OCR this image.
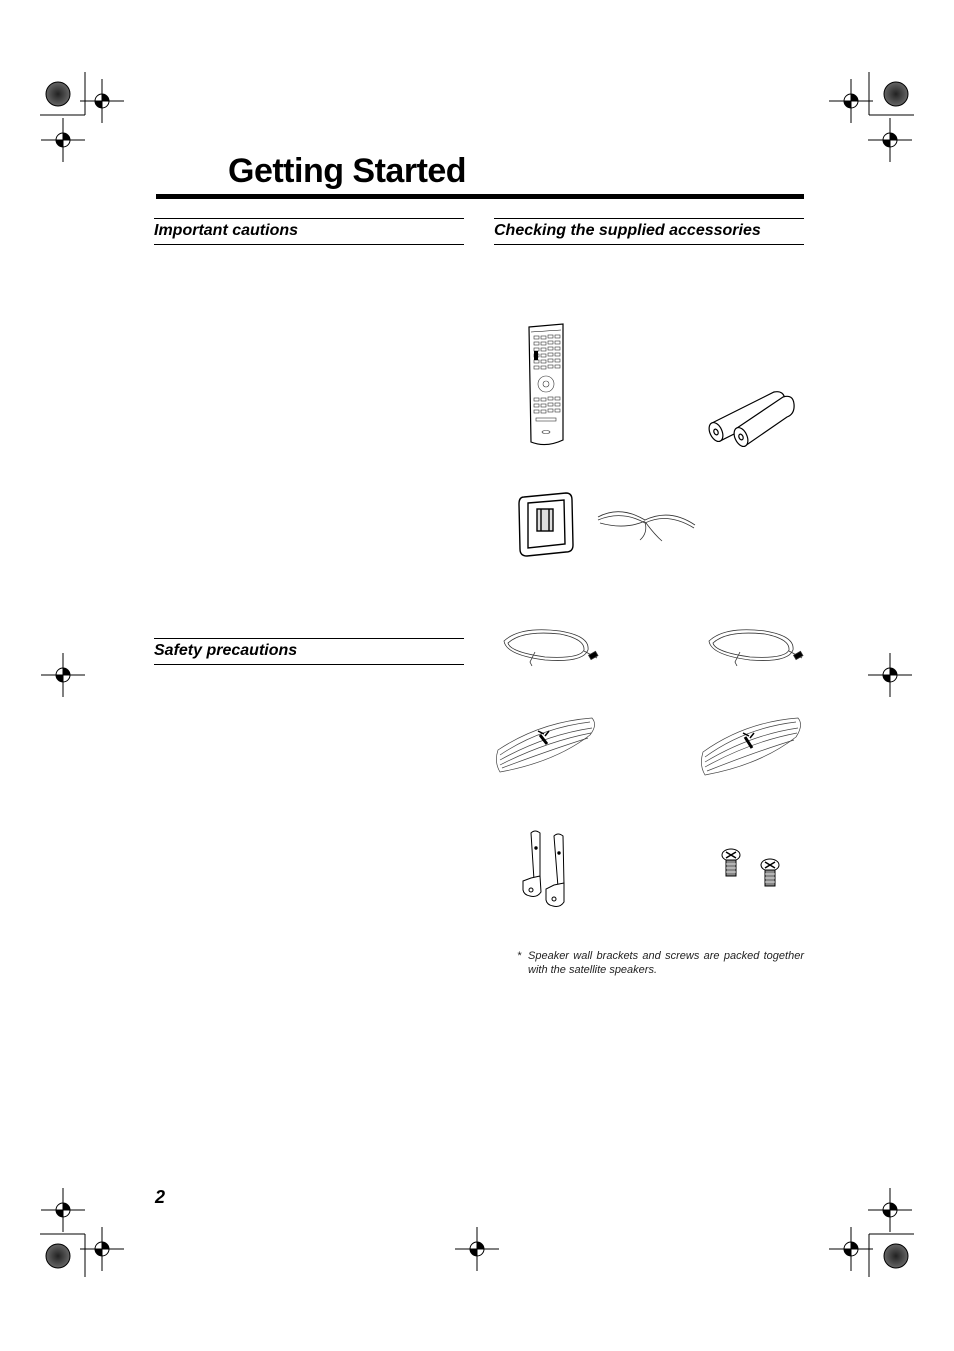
Getting Started
Important cautions
Safety precautions
Checking the supplied accessories
* Speaker wall brackets and screws are packed together with the satellite speakers.
2
